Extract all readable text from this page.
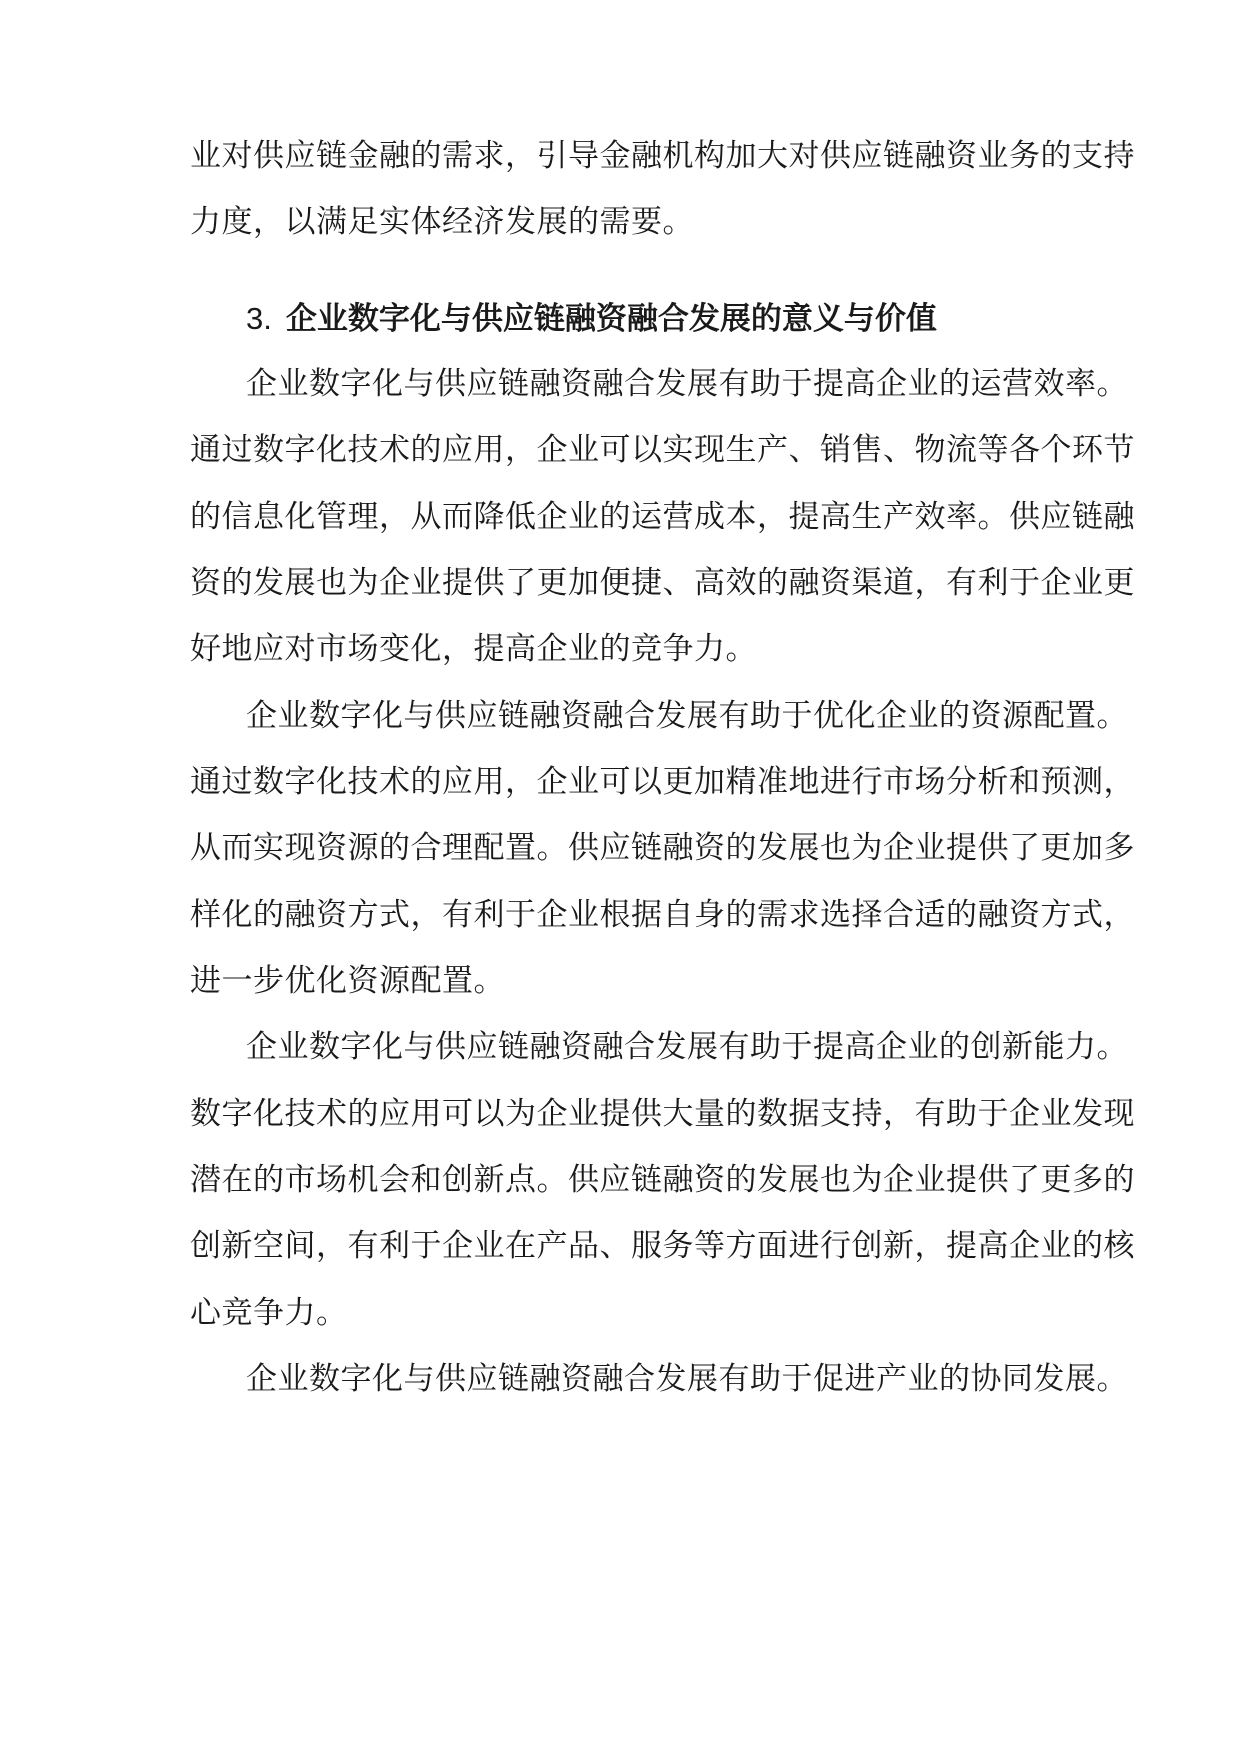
业对供应链金融的需求，引导金融机构加大对供应链融资业务的支持
力度，以满足实体经济发展的需要。
3. 企业数字化与供应链融资融合发展的意义与价值
企业数字化与供应链融资融合发展有助于提高企业的运营效率。
通过数字化技术的应用，企业可以实现生产、销售、物流等各个环节
的信息化管理，从而降低企业的运营成本，提高生产效率。供应链融
资的发展也为企业提供了更加便捷、高效的融资渠道，有利于企业更
好地应对市场变化，提高企业的竞争力。
企业数字化与供应链融资融合发展有助于优化企业的资源配置。
通过数字化技术的应用，企业可以更加精准地进行市场分析和预测，
从而实现资源的合理配置。供应链融资的发展也为企业提供了更加多
样化的融资方式，有利于企业根据自身的需求选择合适的融资方式，
进一步优化资源配置。
企业数字化与供应链融资融合发展有助于提高企业的创新能力。
数字化技术的应用可以为企业提供大量的数据支持，有助于企业发现
潜在的市场机会和创新点。供应链融资的发展也为企业提供了更多的
创新空间，有利于企业在产品、服务等方面进行创新，提高企业的核
心竞争力。
企业数字化与供应链融资融合发展有助于促进产业的协同发展。
